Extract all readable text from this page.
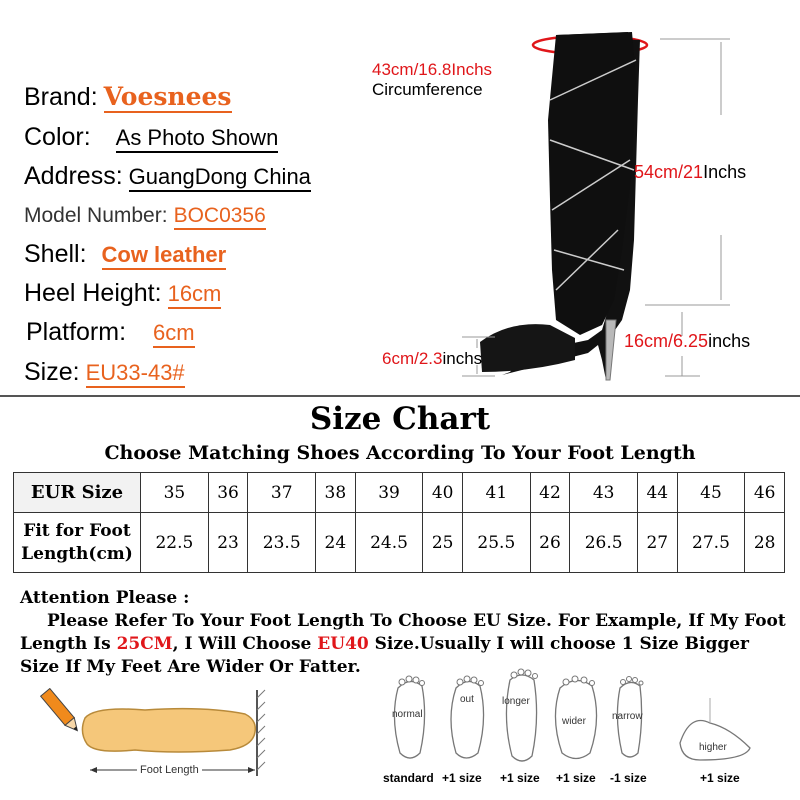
Brand: Voesnees
Color: As Photo Shown
Address: GuangDong China
Model Number: BOC0356
Shell: Cow leather
Heel Height: 16cm
Platform: 6cm
Size: EU33-43#
43cm/16.8Inchs
Circumference
54cm/21Inchs
16cm/6.25inchs
6cm/2.3inchs
Size Chart
Choose Matching Shoes According To Your Foot Length
EUR Size	35	36	37	38	39	40	41	42	43	44	45	46
Fit for Foot
Length(cm)	22.5	23	23.5	24	24.5	25	25.5	26	26.5	27	27.5	28
Attention Please :
Please Refer To Your Foot Length To Choose EU Size. For Example, If My Foot Length Is 25CM, I Will Choose EU40 Size.Usually I will choose 1 Size Bigger Size If My Feet Are Wider Or Fatter.
Foot Length
normal
out	longer
wider	narrow
higher
standard +1 size +1 size +1 size -1 size	+1 size
